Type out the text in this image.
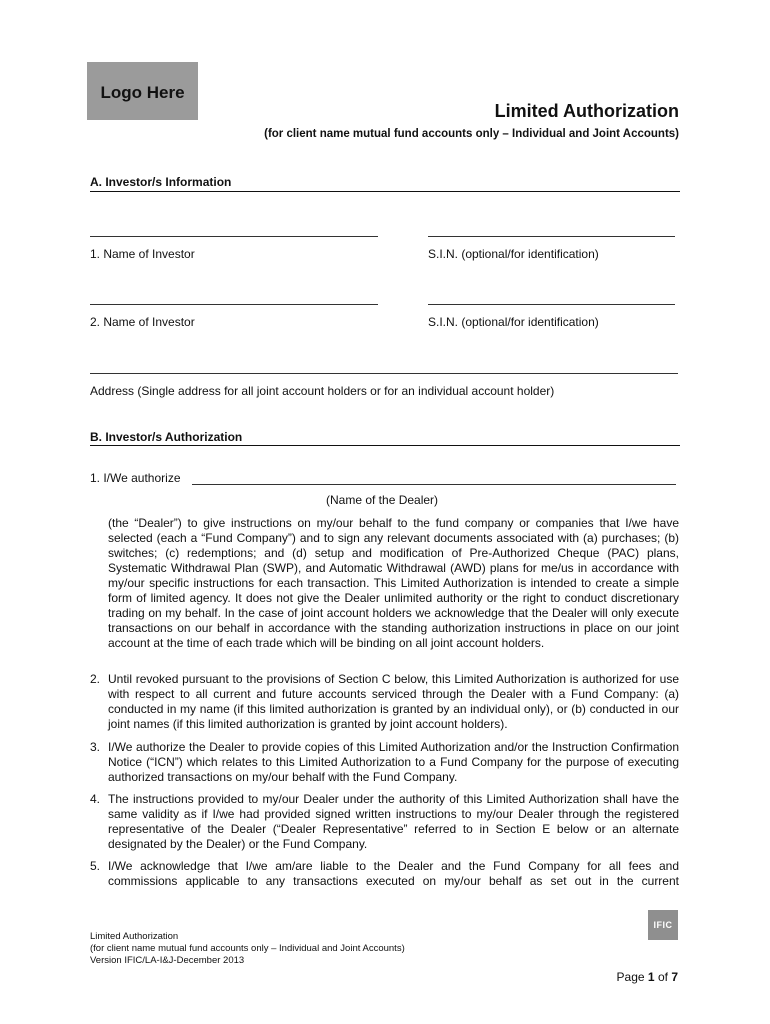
Logo Here
Limited Authorization
(for client name mutual fund accounts only – Individual and Joint Accounts)
A. Investor/s Information
1. Name of Investor	S.I.N. (optional/for identification)
2. Name of Investor	S.I.N. (optional/for identification)
Address (Single address for all joint account holders or for an individual account holder)
B. Investor/s Authorization
1. I/We authorize
(Name of the Dealer)

(the “Dealer”) to give instructions on my/our behalf to the fund company or companies that I/we have selected (each a “Fund Company”) and to sign any relevant documents associated with (a) purchases; (b) switches; (c) redemptions; and (d) setup and modification of Pre-Authorized Cheque (PAC) plans, Systematic Withdrawal Plan (SWP), and Automatic Withdrawal (AWD) plans for me/us in accordance with my/our specific instructions for each transaction. This Limited Authorization is intended to create a simple form of limited agency. It does not give the Dealer unlimited authority or the right to conduct discretionary trading on my behalf. In the case of joint account holders we acknowledge that the Dealer will only execute transactions on our behalf in accordance with the standing authorization instructions in place on our joint account at the time of each trade which will be binding on all joint account holders.

2. Until revoked pursuant to the provisions of Section C below, this Limited Authorization is authorized for use with respect to all current and future accounts serviced through the Dealer with a Fund Company: (a) conducted in my name (if this limited authorization is granted by an individual only), or (b) conducted in our joint names (if this limited authorization is granted by joint account holders).

3. I/We authorize the Dealer to provide copies of this Limited Authorization and/or the Instruction Confirmation Notice (“ICN”) which relates to this Limited Authorization to a Fund Company for the purpose of executing authorized transactions on my/our behalf with the Fund Company.

4. The instructions provided to my/our Dealer under the authority of this Limited Authorization shall have the same validity as if I/we had provided signed written instructions to my/our Dealer through the registered representative of the Dealer (“Dealer Representative” referred to in Section E below or an alternate designated by the Dealer) or the Fund Company.

5. I/We acknowledge that I/we am/are liable to the Dealer and the Fund Company for all fees and commissions applicable to any transactions executed on my/our behalf as set out in the current

Limited Authorization
(for client name mutual fund accounts only – Individual and Joint Accounts)
Version IFIC/LA-I&J-December 2013
IFIC
Page 1 of 7
